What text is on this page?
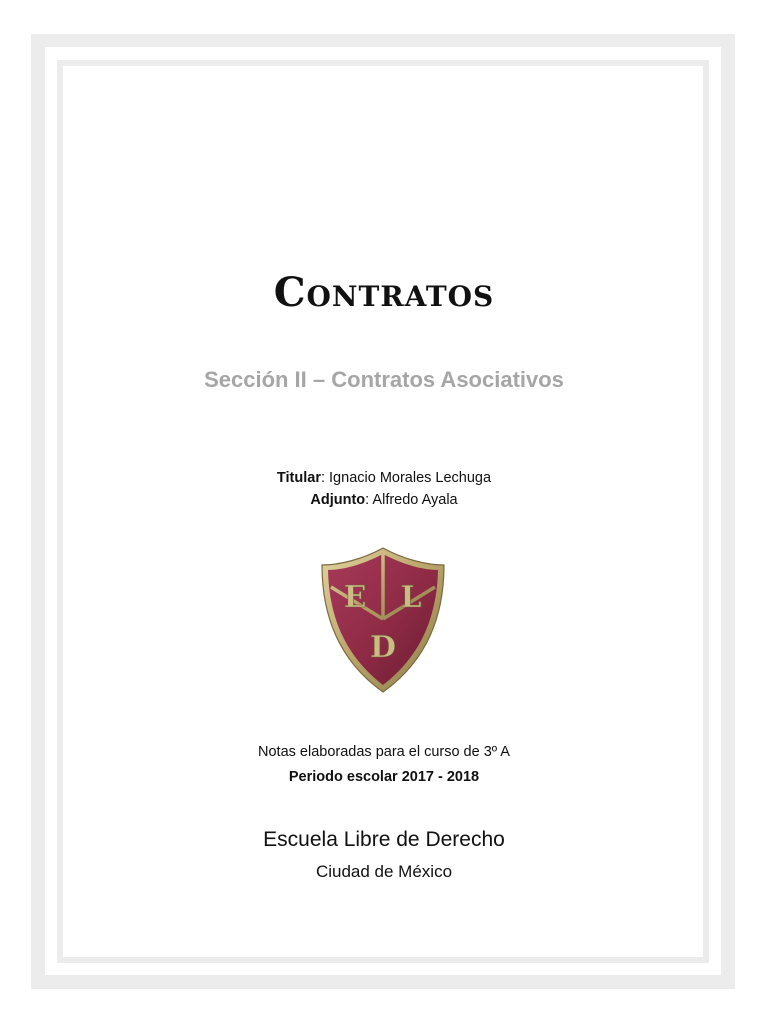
Contratos
Sección II – Contratos Asociativos
Titular: Ignacio Morales Lechuga
Adjunto: Alfredo Ayala
E L
D
Notas elaboradas para el curso de 3º A
Periodo escolar 2017 - 2018
Escuela Libre de Derecho
Ciudad de México
